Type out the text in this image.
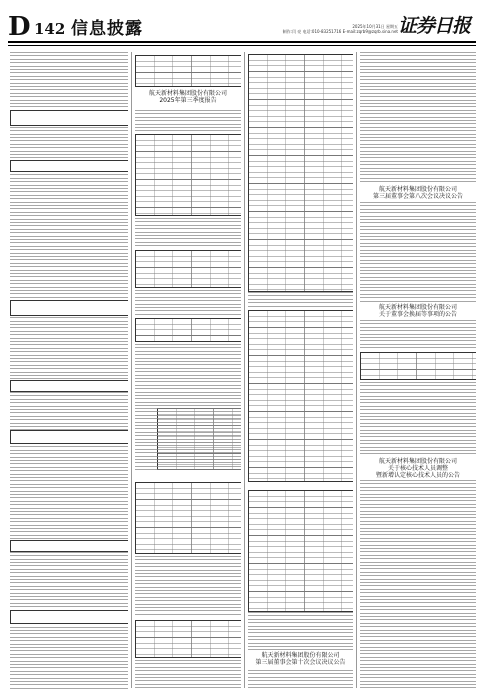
D 142 信息披露	2025年10月31日 星期五
制作:闫 亮 电话:010-83251716 E-mail:zqrb9@zqrb.sina.net 证券日报
航天新材料集团股份有限公司
2025年第三季度报告
航天新材料集团股份有限公司
第三届董事会第十次会议决议公告
航天新材料集团股份有限公司
第三届董事会第八次会议决议公告
航天新材料集团股份有限公司
关于董事会换届等事项的公告
航天新材料集团股份有限公司
关于核心技术人员调整
暨新增认定核心技术人员的公告
